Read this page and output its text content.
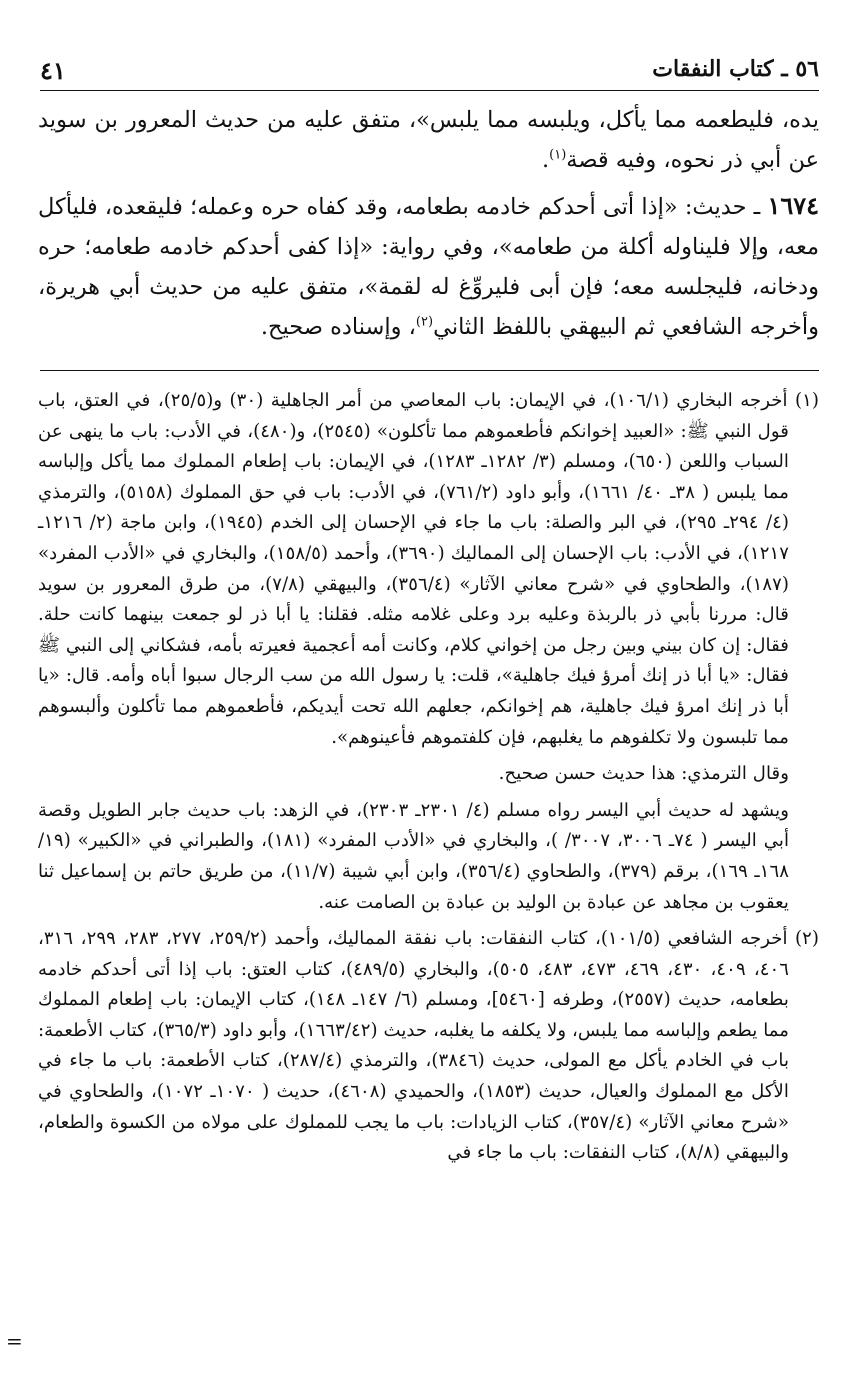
٥٦ ـ كتاب النفقات
٤١

يده، فليطعمه مما يأكل، ويلبسه مما يلبس»، متفق عليه من حديث المعرور بن سويد عن أبي ذر نحوه، وفيه قصة$^{(١)}$.

١٦٧٤ ـ حديث: «إذا أتى أحدكم خادمه بطعامه، وقد كفاه حره وعمله؛ فليقعده، فليأكل معه، وإلا فليناوله أكلة من طعامه»، وفي رواية: «إذا كفى أحدكم خادمه طعامه؛ حره ودخانه، فليجلسه معه؛ فإن أبى فليروِّغ له لقمة»، متفق عليه من حديث أبي هريرة، وأخرجه الشافعي ثم البيهقي باللفظ الثاني$^{(٢)}$، وإسناده صحيح.

(١) أخرجه البخاري (١٠٦/١)، في الإيمان: باب المعاصي من أمر الجاهلية (٣٠) و(٢٥/٥)، في العتق، باب قول النبي ﷺ: «العبيد إخوانكم فأطعموهم مما تأكلون» (٢٥٤٥)، و(٤٨٠)، في الأدب: باب ما ينهى عن السباب واللعن (٦٥٠)، ومسلم (٣/ ١٢٨٢ـ ١٢٨٣)، في الإيمان: باب إطعام المملوك مما يأكل وإلباسه مما يلبس ( ٣٨ـ ٤٠/ ١٦٦١)، وأبو داود (٧٦١/٢)، في الأدب: باب في حق المملوك (٥١٥٨)، والترمذي (٤/ ٢٩٤ـ ٢٩٥)، في البر والصلة: باب ما جاء في الإحسان إلى الخدم (١٩٤٥)، وابن ماجة (٢/ ١٢١٦ـ ١٢١٧)، في الأدب: باب الإحسان إلى المماليك (٣٦٩٠)، وأحمد (١٥٨/٥)، والبخاري في «الأدب المفرد» (١٨٧)، والطحاوي في «شرح معاني الآثار» (٣٥٦/٤)، والبيهقي (٧/٨)، من طرق المعرور بن سويد قال: مررنا بأبي ذر بالربذة وعليه برد وعلى غلامه مثله. فقلنا: يا أبا ذر لو جمعت بينهما كانت حلة. فقال: إن كان بيني وبين رجل من إخواني كلام، وكانت أمه أعجمية فعيرته بأمه، فشكاني إلى النبي ﷺ فقال: «يا أبا ذر إنك أمرؤ فيك جاهلية»، قلت: يا رسول الله من سب الرجال سبوا أباه وأمه. قال: «يا أبا ذر إنك امرؤ فيك جاهلية، هم إخوانكم، جعلهم الله تحت أيديكم، فأطعموهم مما تأكلون وألبسوهم مما تلبسون ولا تكلفوهم ما يغلبهم، فإن كلفتموهم فأعينوهم».

وقال الترمذي: هذا حديث حسن صحيح.

ويشهد له حديث أبي اليسر رواه مسلم (٤/ ٢٣٠١ـ ٢٣٠٣)، في الزهد: باب حديث جابر الطويل وقصة أبي اليسر ( ٧٤ـ ٣٠٠٦، ٣٠٠٧/ )، والبخاري في «الأدب المفرد» (١٨١)، والطبراني في «الكبير» (١٩/ ١٦٨ـ ١٦٩)، برقم (٣٧٩)، والطحاوي (٣٥٦/٤)، وابن أبي شيبة (١١/٧)، من طريق حاتم بن إسماعيل ثنا يعقوب بن مجاهد عن عبادة بن الوليد بن عبادة بن الصامت عنه.

(٢) أخرجه الشافعي (١٠١/٥)، كتاب النفقات: باب نفقة المماليك، وأحمد (٢٥٩/٢، ٢٧٧، ٢٨٣، ٢٩٩، ٣١٦، ٤٠٦، ٤٠٩، ٤٣٠، ٤٦٩، ٤٧٣، ٤٨٣، ٥٠٥)، والبخاري (٤٨٩/٥)، كتاب العتق: باب إذا أتى أحدكم خادمه بطعامه، حديث (٢٥٥٧)، وطرفه [٥٤٦٠]، ومسلم (٦/ ١٤٧ـ ١٤٨)، كتاب الإيمان: باب إطعام المملوك مما يطعم وإلباسه مما يلبس، ولا يكلفه ما يغلبه، حديث (١٦٦٣/٤٢)، وأبو داود (٣٦٥/٣)، كتاب الأطعمة: باب في الخادم يأكل مع المولى، حديث (٣٨٤٦)، والترمذي (٢٨٧/٤)، كتاب الأطعمة: باب ما جاء في الأكل مع المملوك والعيال، حديث (١٨٥٣)، والحميدي (٤٦٠٨)، حديث ( ١٠٧٠ـ ١٠٧٢)، والطحاوي في «شرح معاني الآثار» (٣٥٧/٤)، كتاب الزيادات: باب ما يجب للمملوك على مولاه من الكسوة والطعام، والبيهقي (٨/٨)، كتاب النفقات: باب ما جاء في

=
